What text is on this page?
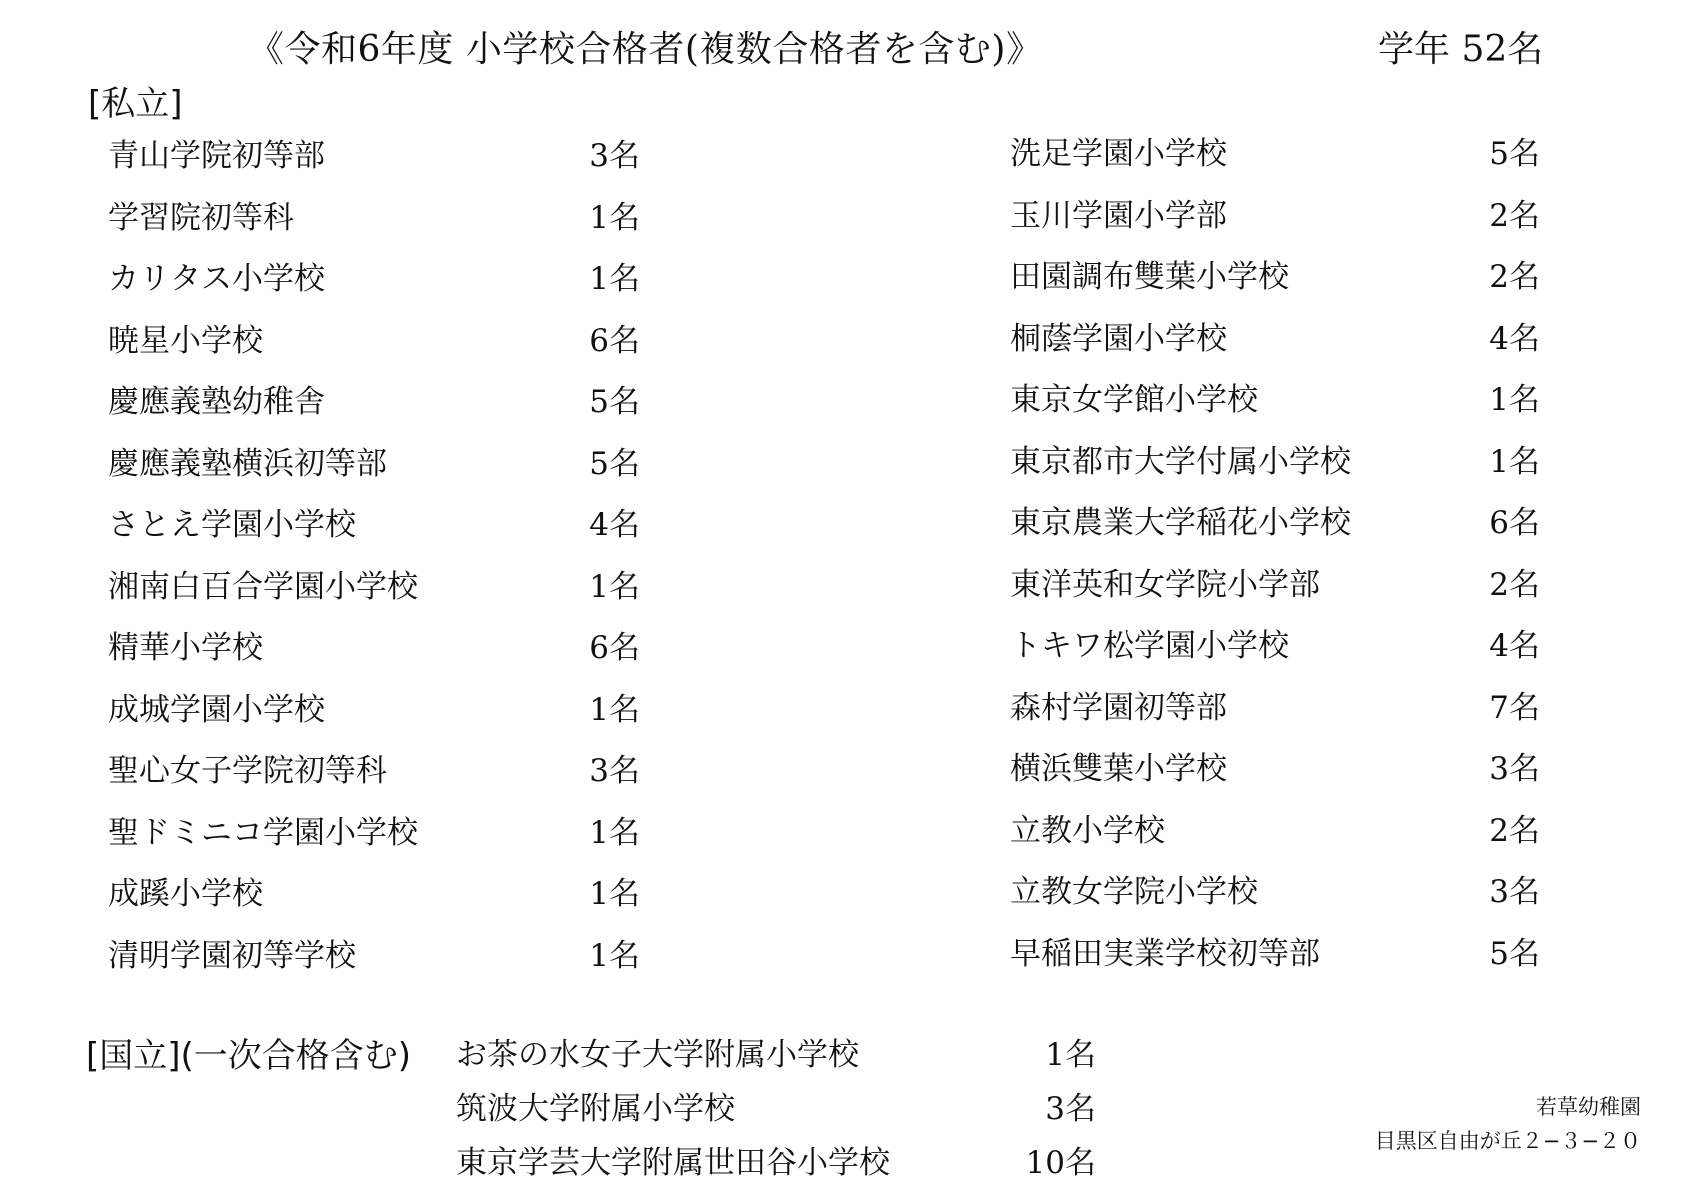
《令和6年度 小学校合格者(複数合格者を含む)》	学年 52名
[私立]
青山学院初等部	3名
学習院初等科	1名
カリタス小学校	1名
暁星小学校	6名
慶應義塾幼稚舎	5名
慶應義塾横浜初等部	5名
さとえ学園小学校	4名
湘南白百合学園小学校	1名
精華小学校	6名
成城学園小学校	1名
聖心女子学院初等科	3名
聖ドミニコ学園小学校	1名
成蹊小学校	1名
清明学園初等学校	1名
洗足学園小学校	5名
玉川学園小学部	2名
田園調布雙葉小学校	2名
桐蔭学園小学校	4名
東京女学館小学校	1名
東京都市大学付属小学校	1名
東京農業大学稲花小学校	6名
東洋英和女学院小学部	2名
トキワ松学園小学校	4名
森村学園初等部	7名
横浜雙葉小学校	3名
立教小学校	2名
立教女学院小学校	3名
早稲田実業学校初等部	5名
[国立](一次合格含む) お茶の水女子大学附属小学校	1名
筑波大学附属小学校	3名
東京学芸大学附属世田谷小学校	10名
若草幼稚園
目黒区自由が丘２−３−２０
